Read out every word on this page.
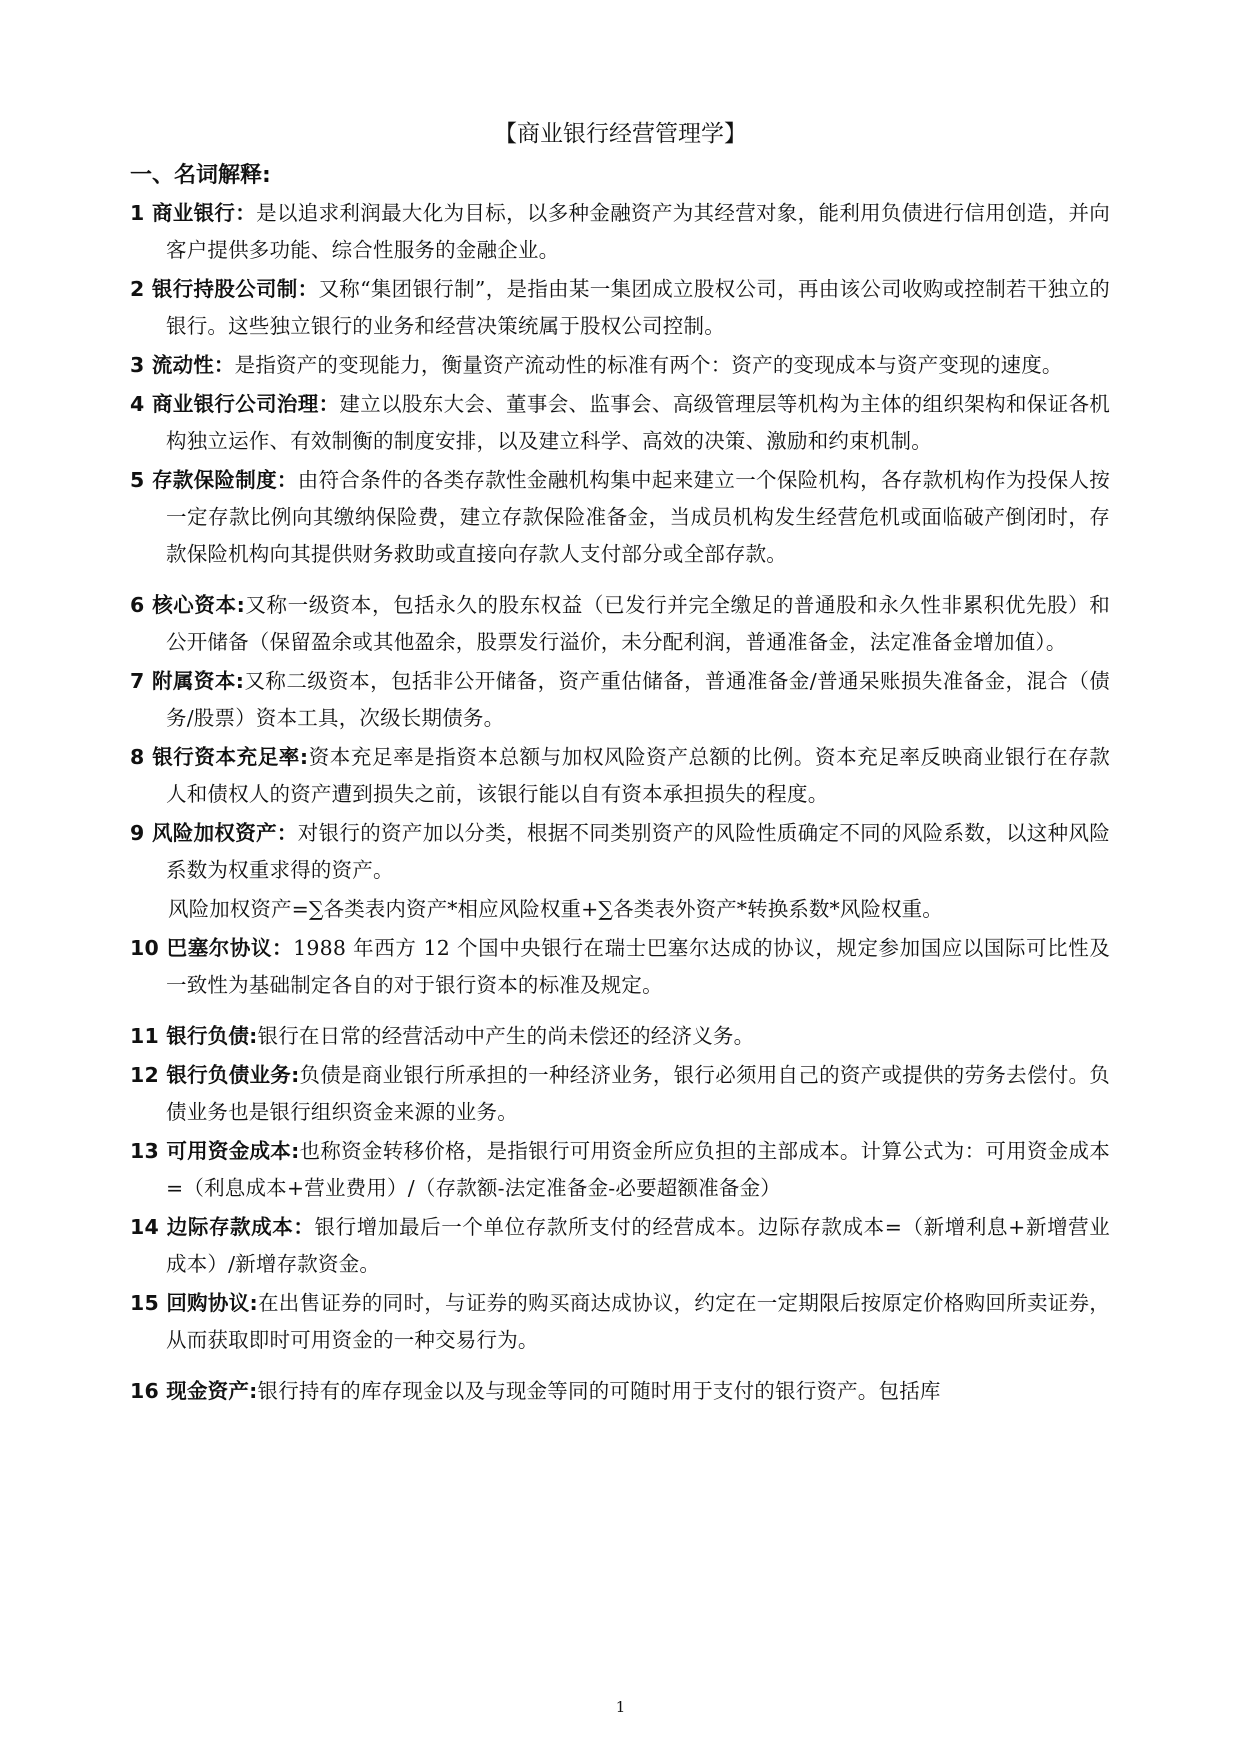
【商业银行经营管理学】
一、名词解释:

1 商业银行：是以追求利润最大化为目标，以多种金融资产为其经营对象，能利用负债进行信用创造，并向客户提供多功能、综合性服务的金融企业。

2 银行持股公司制：又称“集团银行制”，是指由某一集团成立股权公司，再由该公司收购或控制若干独立的银行。这些独立银行的业务和经营决策统属于股权公司控制。

3 流动性：是指资产的变现能力，衡量资产流动性的标准有两个：资产的变现成本与资产变现的速度。

4 商业银行公司治理：建立以股东大会、董事会、监事会、高级管理层等机构为主体的组织架构和保证各机构独立运作、有效制衡的制度安排，以及建立科学、高效的决策、激励和约束机制。

5 存款保险制度：由符合条件的各类存款性金融机构集中起来建立一个保险机构，各存款机构作为投保人按一定存款比例向其缴纳保险费，建立存款保险准备金，当成员机构发生经营危机或面临破产倒闭时，存款保险机构向其提供财务救助或直接向存款人支付部分或全部存款。

6 核心资本:又称一级资本，包括永久的股东权益（已发行并完全缴足的普通股和永久性非累积优先股）和公开储备（保留盈余或其他盈余，股票发行溢价，未分配利润，普通准备金，法定准备金增加值）。

7 附属资本:又称二级资本，包括非公开储备，资产重估储备，普通准备金/普通呆账损失准备金，混合（债务/股票）资本工具，次级长期债务。

8 银行资本充足率:资本充足率是指资本总额与加权风险资产总额的比例。资本充足率反映商业银行在存款人和债权人的资产遭到损失之前，该银行能以自有资本承担损失的程度。

9 风险加权资产：对银行的资产加以分类，根据不同类别资产的风险性质确定不同的风险系数，以这种风险系数为权重求得的资产。

风险加权资产=∑各类表内资产*相应风险权重+∑各类表外资产*转换系数*风险权重。

10 巴塞尔协议：1988 年西方 12 个国中央银行在瑞士巴塞尔达成的协议，规定参加国应以国际可比性及一致性为基础制定各自的对于银行资本的标准及规定。

11 银行负债:银行在日常的经营活动中产生的尚未偿还的经济义务。

12 银行负债业务:负债是商业银行所承担的一种经济业务，银行必须用自己的资产或提供的劳务去偿付。负债业务也是银行组织资金来源的业务。

13 可用资金成本:也称资金转移价格，是指银行可用资金所应负担的主部成本。计算公式为：可用资金成本=（利息成本+营业费用）/（存款额-法定准备金-必要超额准备金）

14 边际存款成本：银行增加最后一个单位存款所支付的经营成本。边际存款成本=（新增利息+新增营业成本）/新增存款资金。

15 回购协议:在出售证券的同时，与证券的购买商达成协议，约定在一定期限后按原定价格购回所卖证券，从而获取即时可用资金的一种交易行为。

16 现金资产:银行持有的库存现金以及与现金等同的可随时用于支付的银行资产。包括库

1
